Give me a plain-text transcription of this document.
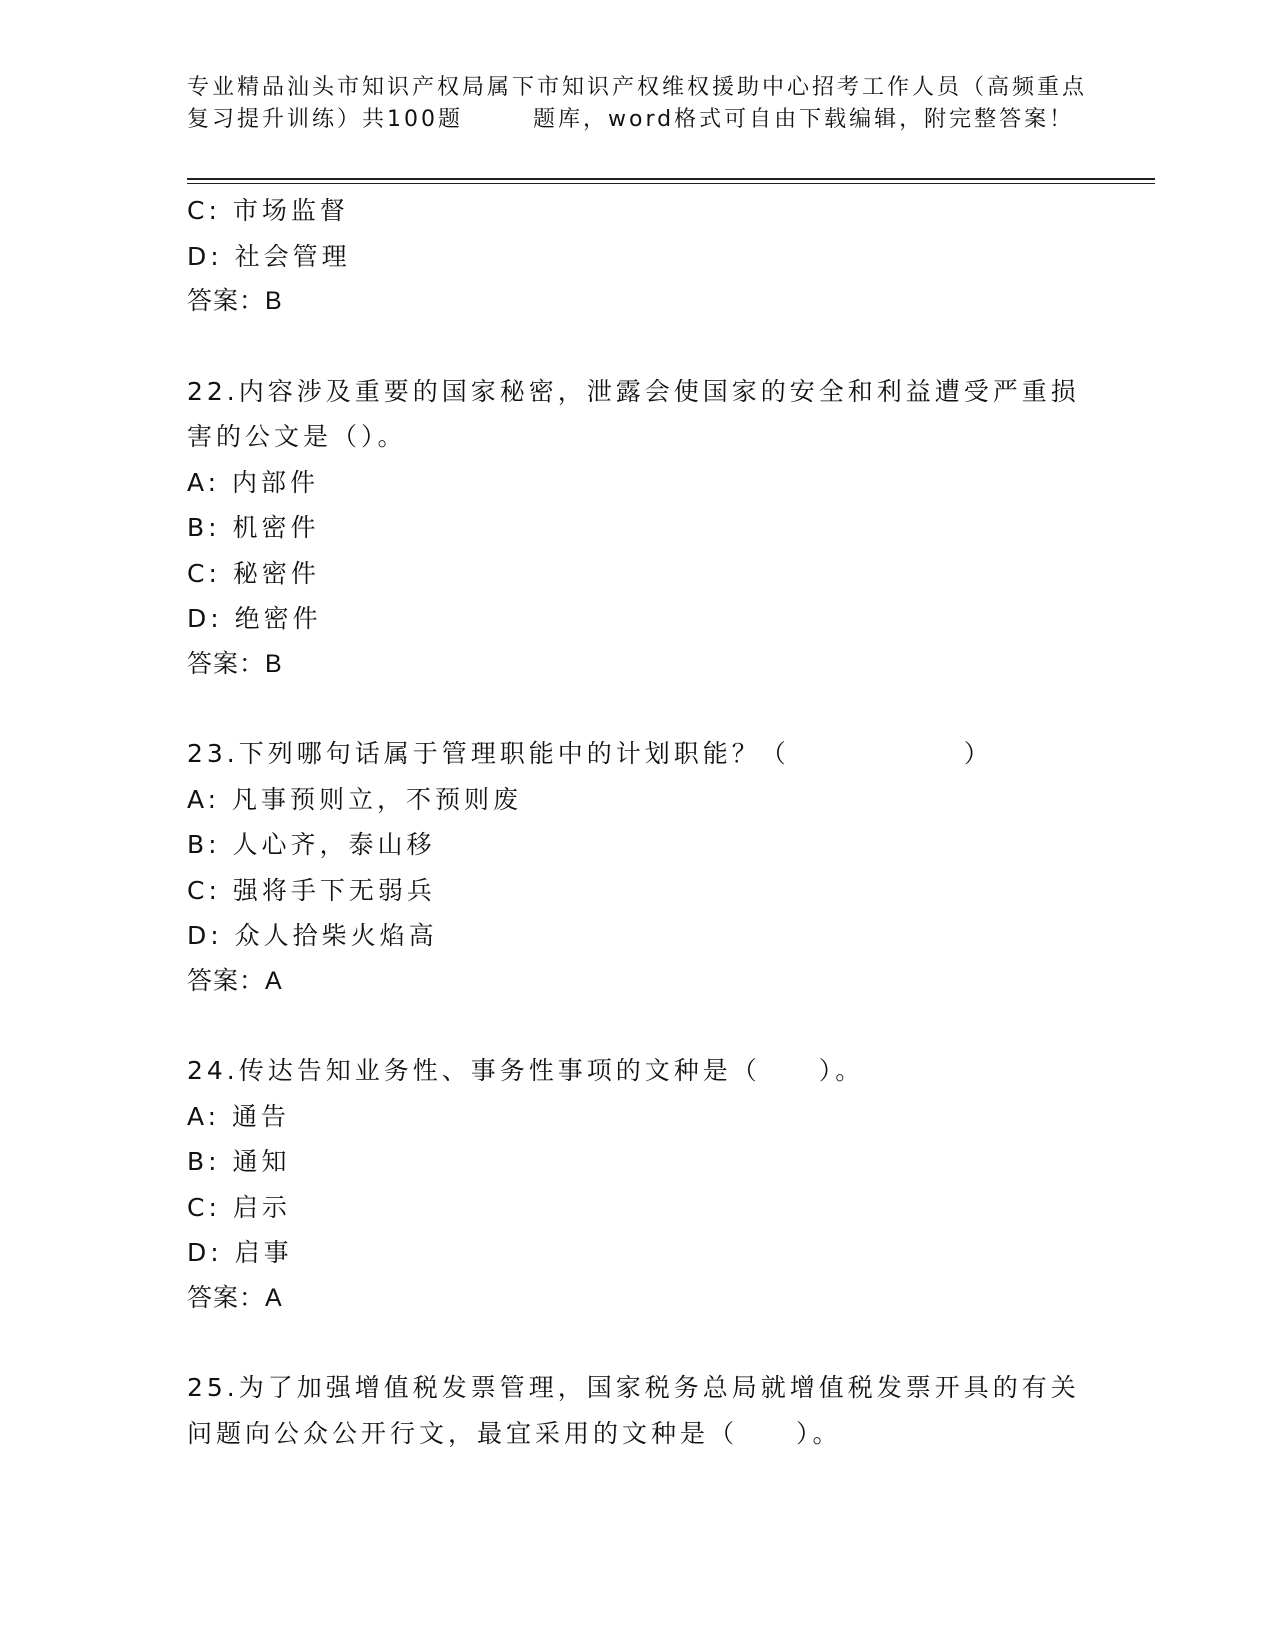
专业精品汕头市知识产权局属下市知识产权维权援助中心招考工作人员（高频重点
复习提升训练）共100题	题库，word格式可自由下载编辑，附完整答案！
C: 市场监督
D: 社会管理
答案：B
22.内容涉及重要的国家秘密，泄露会使国家的安全和利益遭受严重损
害的公文是（）。
A: 内部件
B: 机密件
C: 秘密件
D: 绝密件
答案：B
23.下列哪句话属于管理职能中的计划职能？（　　　　　　）
A: 凡事预则立，不预则废
B: 人心齐，泰山移
C: 强将手下无弱兵
D: 众人拾柴火焰高
答案：A
24.传达告知业务性、事务性事项的文种是（　　）。
A: 通告
B: 通知
C: 启示
D: 启事
答案：A
25.为了加强增值税发票管理，国家税务总局就增值税发票开具的有关
问题向公众公开行文，最宜采用的文种是（　　）。
